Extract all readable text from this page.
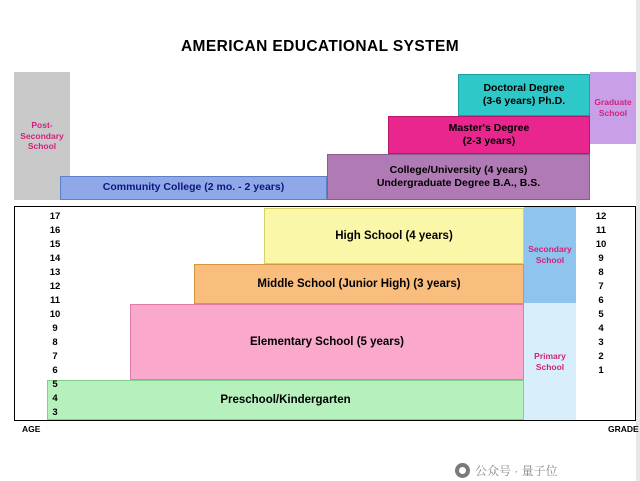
AMERICAN EDUCATIONAL SYSTEM
Post-
Secondary
School
Graduate
School
Secondary
School
Primary
School
Doctoral Degree
(3-6 years) Ph.D.
Master's Degree
(2-3 years)
College/University (4 years)
Undergraduate Degree B.A., B.S.
Community College (2 mo. - 2 years)
High School (4 years)
Middle School (Junior High) (3 years)
Elementary School (5 years)
Preschool/Kindergarten
17
16
15
14
13
12
11
10
9
8
7
6
5
4
3
12
11
10
9
8
7
6
5
4
3
2
1
AGE	GRADE
公众号 · 量子位
